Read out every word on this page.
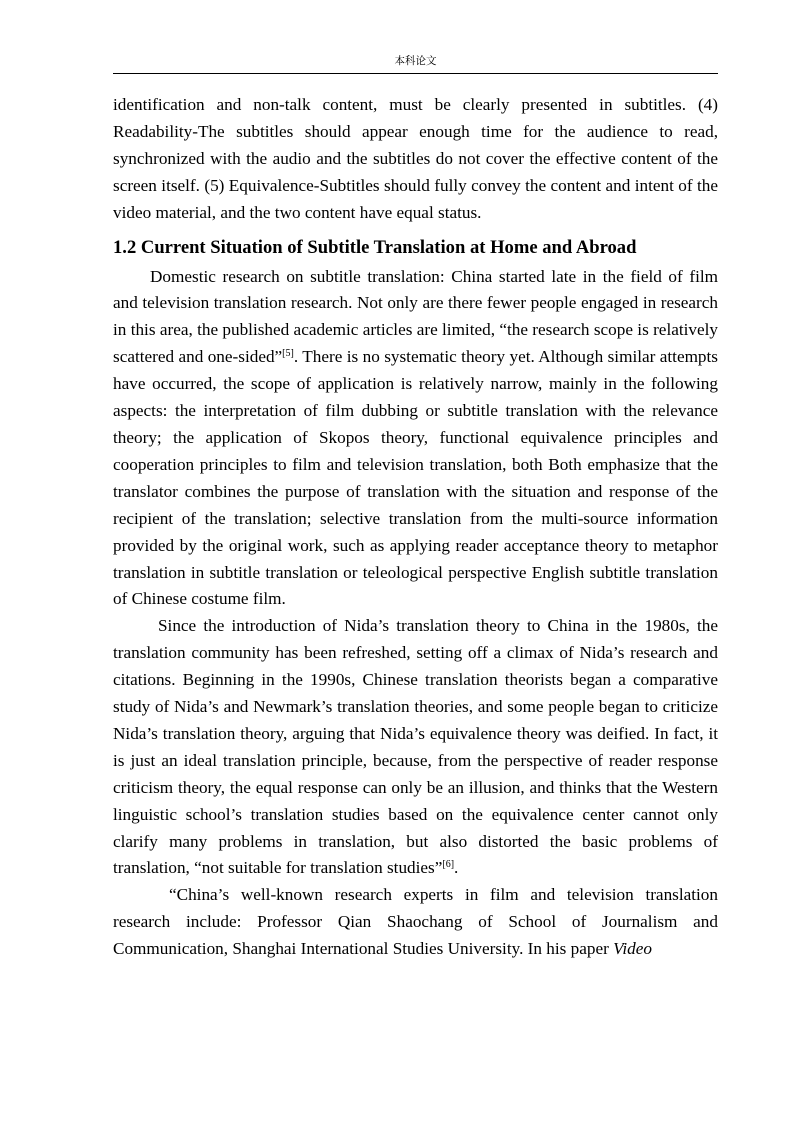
本科论文

identification and non-talk content, must be clearly presented in subtitles. (4) Readability-The subtitles should appear enough time for the audience to read, synchronized with the audio and the subtitles do not cover the effective content of the screen itself. (5) Equivalence-Subtitles should fully convey the content and intent of the video material, and the two content have equal status.

1.2 Current Situation of Subtitle Translation at Home and Abroad

Domestic research on subtitle translation: China started late in the field of film and television translation research. Not only are there fewer people engaged in research in this area, the published academic articles are limited, “the research scope is relatively scattered and one-sided”[5]. There is no systematic theory yet. Although similar attempts have occurred, the scope of application is relatively narrow, mainly in the following aspects: the interpretation of film dubbing or subtitle translation with the relevance theory; the application of Skopos theory, functional equivalence principles and cooperation principles to film and television translation, both Both emphasize that the translator combines the purpose of translation with the situation and response of the recipient of the translation; selective translation from the multi-source information provided by the original work, such as applying reader acceptance theory to metaphor translation in subtitle translation or teleological perspective English subtitle translation of Chinese costume film.

Since the introduction of Nida’s translation theory to China in the 1980s, the translation community has been refreshed, setting off a climax of Nida’s research and citations. Beginning in the 1990s, Chinese translation theorists began a comparative study of Nida’s and Newmark’s translation theories, and some people began to criticize Nida’s translation theory, arguing that Nida’s equivalence theory was deified. In fact, it is just an ideal translation principle, because, from the perspective of reader response criticism theory, the equal response can only be an illusion, and thinks that the Western linguistic school’s translation studies based on the equivalence center cannot only clarify many problems in translation, but also distorted the basic problems of translation, “not suitable for translation studies”[6].

“China’s well-known research experts in film and television translation research include: Professor Qian Shaochang of School of Journalism and Communication, Shanghai International Studies University. In his paper Video
